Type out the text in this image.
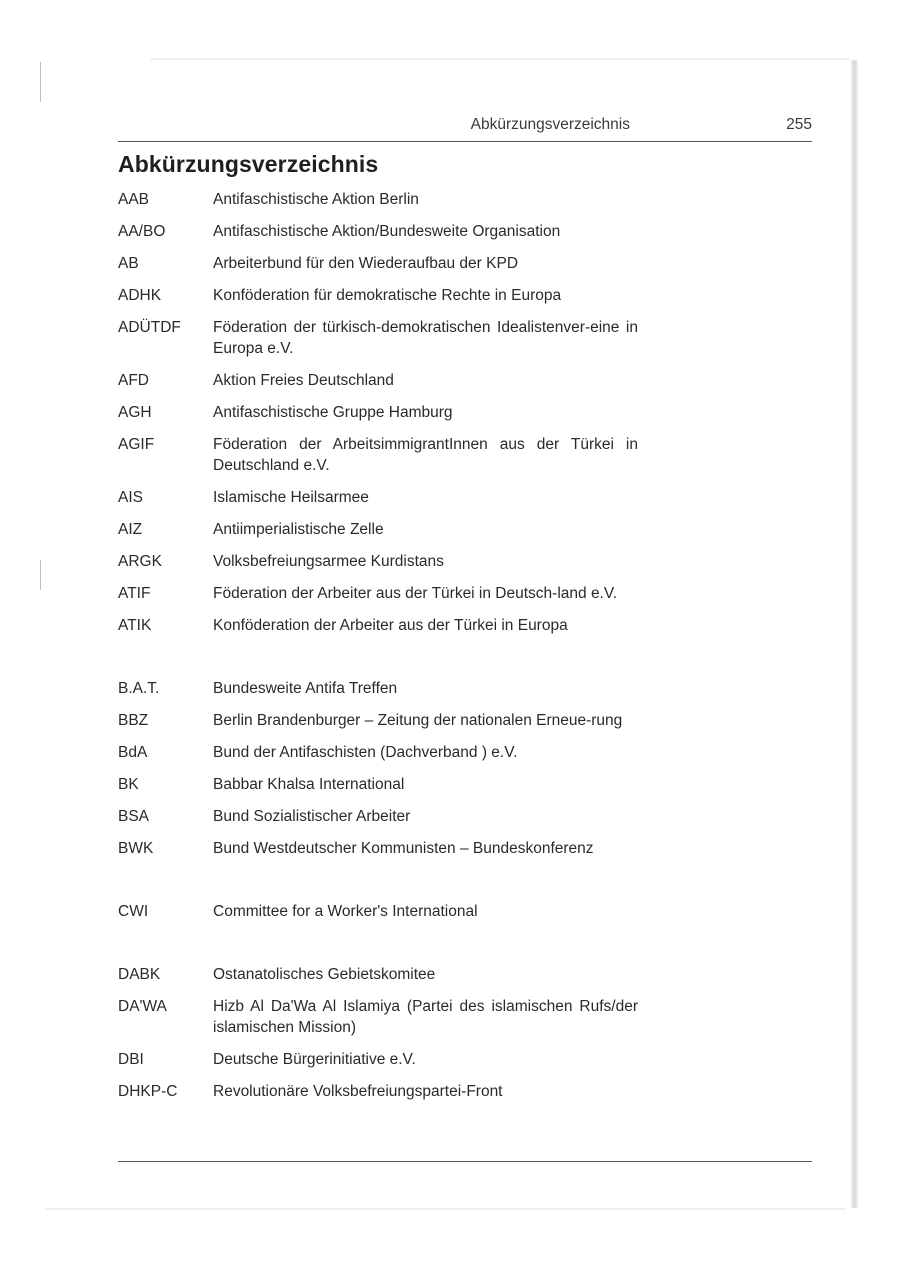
Abkürzungsverzeichnis	255
Abkürzungsverzeichnis
AAB	Antifaschistische Aktion Berlin
AA/BO	Antifaschistische Aktion/Bundesweite Organisation
AB	Arbeiterbund für den Wiederaufbau der KPD
ADHK	Konföderation für demokratische Rechte in Europa
ADÜTDF	Föderation der türkisch-demokratischen Idealistenver-eine in Europa e.V.
AFD	Aktion Freies Deutschland
AGH	Antifaschistische Gruppe Hamburg
AGIF	Föderation der ArbeitsimmigrantInnen aus der Türkei in Deutschland e.V.
AIS	Islamische Heilsarmee
AIZ	Antiimperialistische Zelle
ARGK	Volksbefreiungsarmee Kurdistans
ATIF	Föderation der Arbeiter aus der Türkei in Deutsch-land e.V.
ATIK	Konföderation der Arbeiter aus der Türkei in Europa
B.A.T.	Bundesweite Antifa Treffen
BBZ	Berlin Brandenburger – Zeitung der nationalen Erneue-rung
BdA	Bund der Antifaschisten (Dachverband ) e.V.
BK	Babbar Khalsa International
BSA	Bund Sozialistischer Arbeiter
BWK	Bund Westdeutscher Kommunisten – Bundeskonferenz
CWI	Committee for a Worker's International
DABK	Ostanatolisches Gebietskomitee
DA'WA	Hizb Al Da'Wa Al Islamiya (Partei des islamischen Rufs/der islamischen Mission)
DBI	Deutsche Bürgerinitiative e.V.
DHKP-C	Revolutionäre Volksbefreiungspartei-Front
